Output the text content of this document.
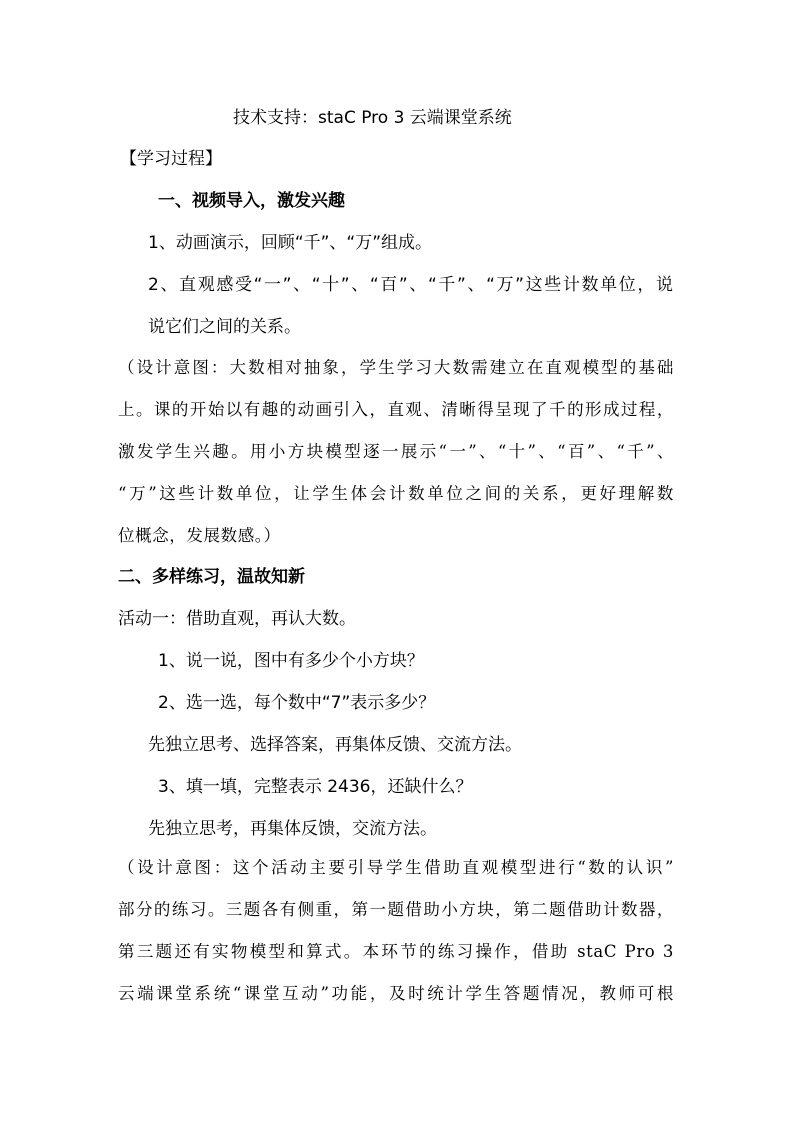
技术支持：staC Pro 3 云端课堂系统
【学习过程】
一、视频导入，激发兴趣
1、动画演示，回顾“千”、“万”组成。
2、直观感受“一”、“十”、“百”、“千”、“万”这些计数单位，说
说它们之间的关系。
（设计意图：大数相对抽象，学生学习大数需建立在直观模型的基础
上。课的开始以有趣的动画引入，直观、清晰得呈现了千的形成过程，
激发学生兴趣。用小方块模型逐一展示“一”、“十”、“百”、“千”、
“万”这些计数单位，让学生体会计数单位之间的关系，更好理解数
位概念，发展数感。）
二、多样练习，温故知新
活动一：借助直观，再认大数。
1、说一说，图中有多少个小方块？
2、选一选，每个数中“7”表示多少？
先独立思考、选择答案，再集体反馈、交流方法。
3、填一填，完整表示 2436，还缺什么？
先独立思考，再集体反馈，交流方法。
（设计意图：这个活动主要引导学生借助直观模型进行“数的认识”
部分的练习。三题各有侧重，第一题借助小方块，第二题借助计数器，
第三题还有实物模型和算式。本环节的练习操作，借助 staC Pro 3
云端课堂系统“课堂互动”功能，及时统计学生答题情况，教师可根
